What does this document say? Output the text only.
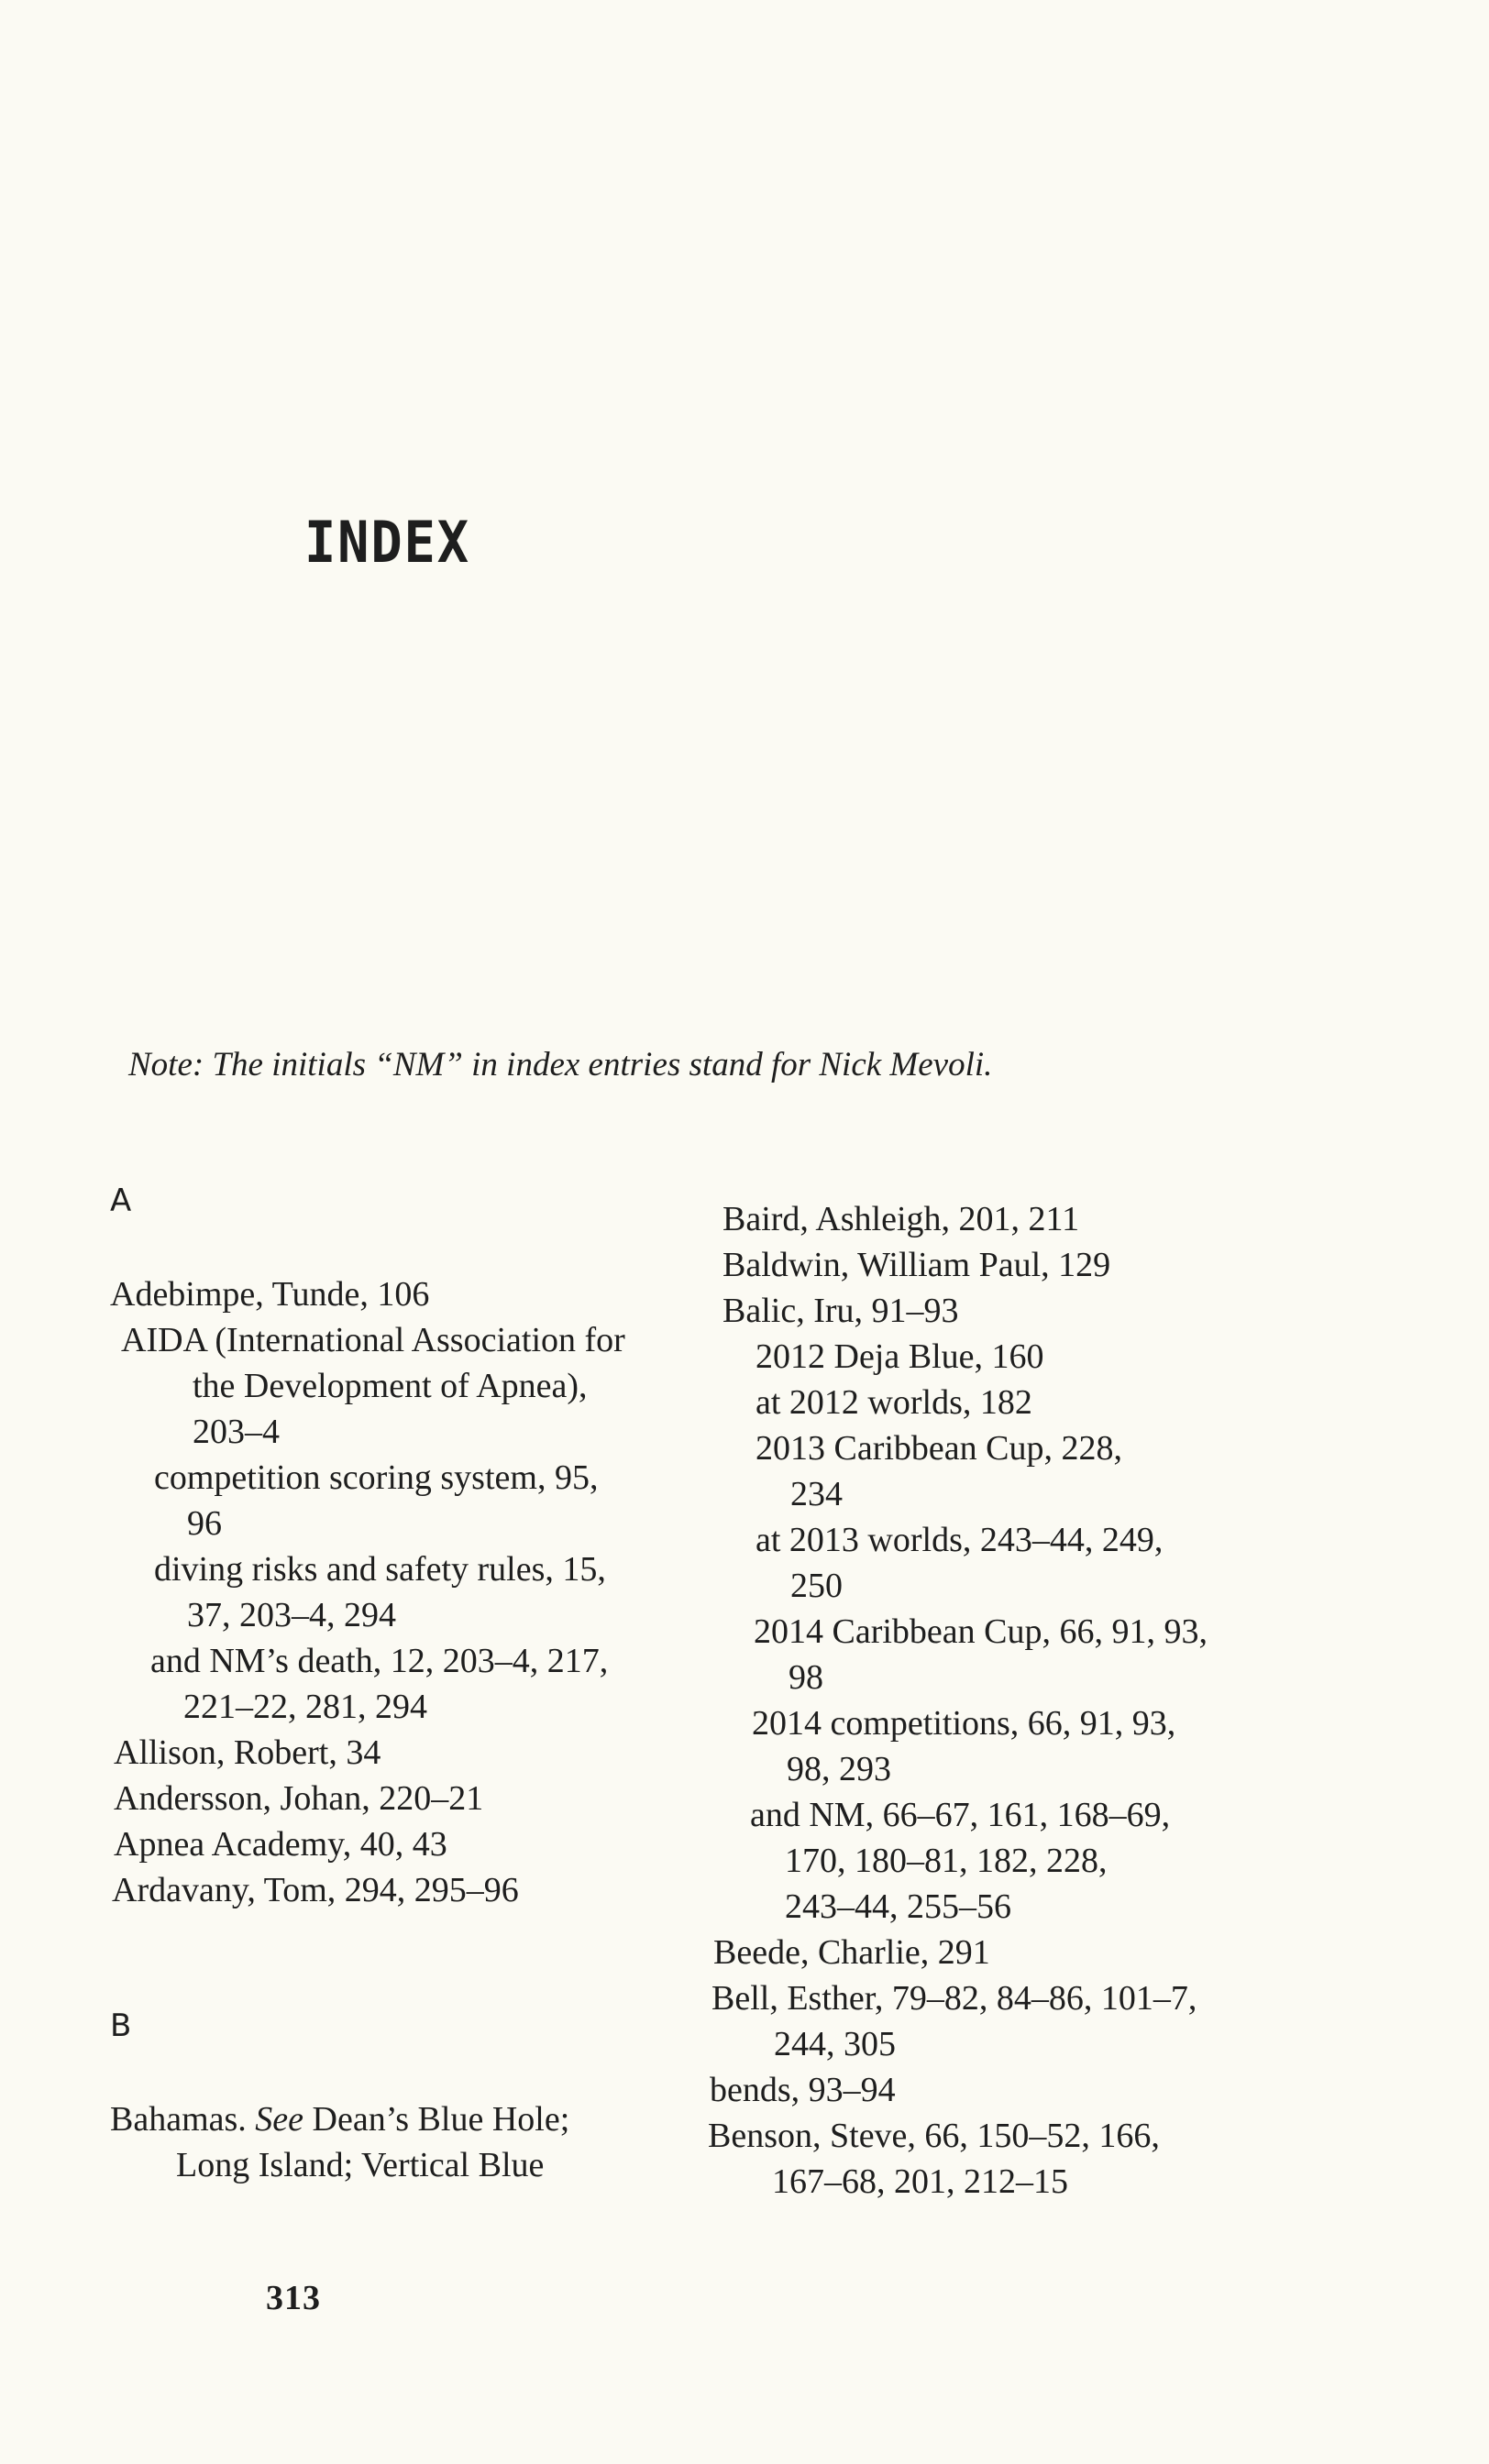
INDEX
Note: The initials “NM” in index entries stand for Nick Mevoli.
A
Adebimpe, Tunde, 106
AIDA (International Association for
the Development of Apnea),
203–4
competition scoring system, 95,
96
diving risks and safety rules, 15,
37, 203–4, 294
and NM’s death, 12, 203–4, 217,
221–22, 281, 294
Allison, Robert, 34
Andersson, Johan, 220–21
Apnea Academy, 40, 43
Ardavany, Tom, 294, 295–96
B
Bahamas. See Dean’s Blue Hole;
Long Island; Vertical Blue
Baird, Ashleigh, 201, 211
Baldwin, William Paul, 129
Balic, Iru, 91–93
2012 Deja Blue, 160
at 2012 worlds, 182
2013 Caribbean Cup, 228,
234
at 2013 worlds, 243–44, 249,
250
2014 Caribbean Cup, 66, 91, 93,
98
2014 competitions, 66, 91, 93,
98, 293
and NM, 66–67, 161, 168–69,
170, 180–81, 182, 228,
243–44, 255–56
Beede, Charlie, 291
Bell, Esther, 79–82, 84–86, 101–7,
244, 305
bends, 93–94
Benson, Steve, 66, 150–52, 166,
167–68, 201, 212–15
313
